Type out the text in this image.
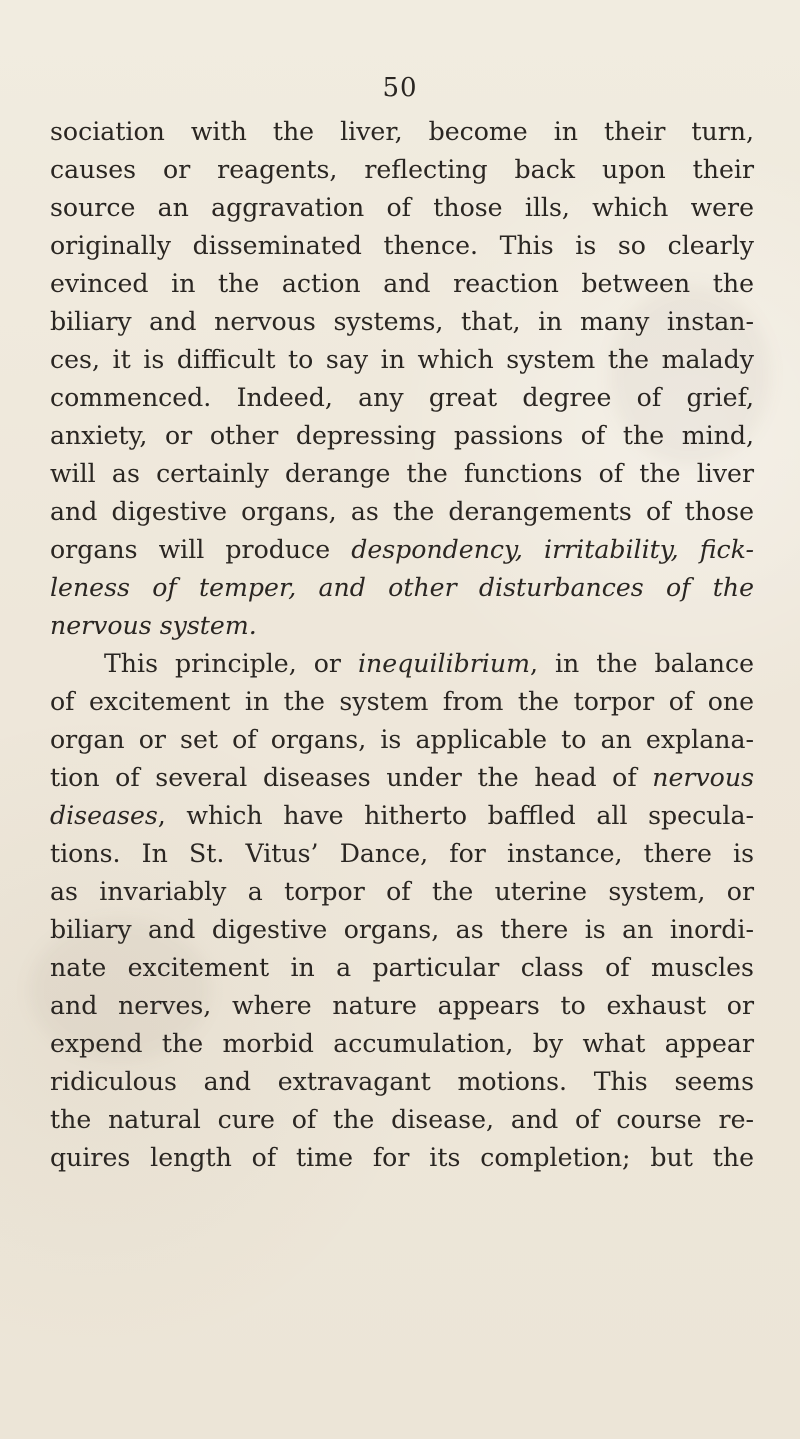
50
sociation with the liver, become in their turn,
causes or reagents, reflecting back upon their
source an aggravation of those ills, which were
originally disseminated thence. This is so clearly
evinced in the action and reaction between the
biliary and nervous systems, that, in many instan-
ces, it is difficult to say in which system the malady
commenced. Indeed, any great degree of grief,
anxiety, or other depressing passions of the mind,
will as certainly derange the functions of the liver
and digestive organs, as the derangements of those
organs will produce despondency, irritability, fick-
leness of temper, and other disturbances of the
nervous system.
This principle, or inequilibrium, in the balance
of excitement in the system from the torpor of one
organ or set of organs, is applicable to an explana-
tion of several diseases under the head of nervous
diseases, which have hitherto baffled all specula-
tions. In St. Vitus’ Dance, for instance, there is
as invariably a torpor of the uterine system, or
biliary and digestive organs, as there is an inordi-
nate excitement in a particular class of muscles
and nerves, where nature appears to exhaust or
expend the morbid accumulation, by what appear
ridiculous and extravagant motions. This seems
the natural cure of the disease, and of course re-
quires length of time for its completion; but the
